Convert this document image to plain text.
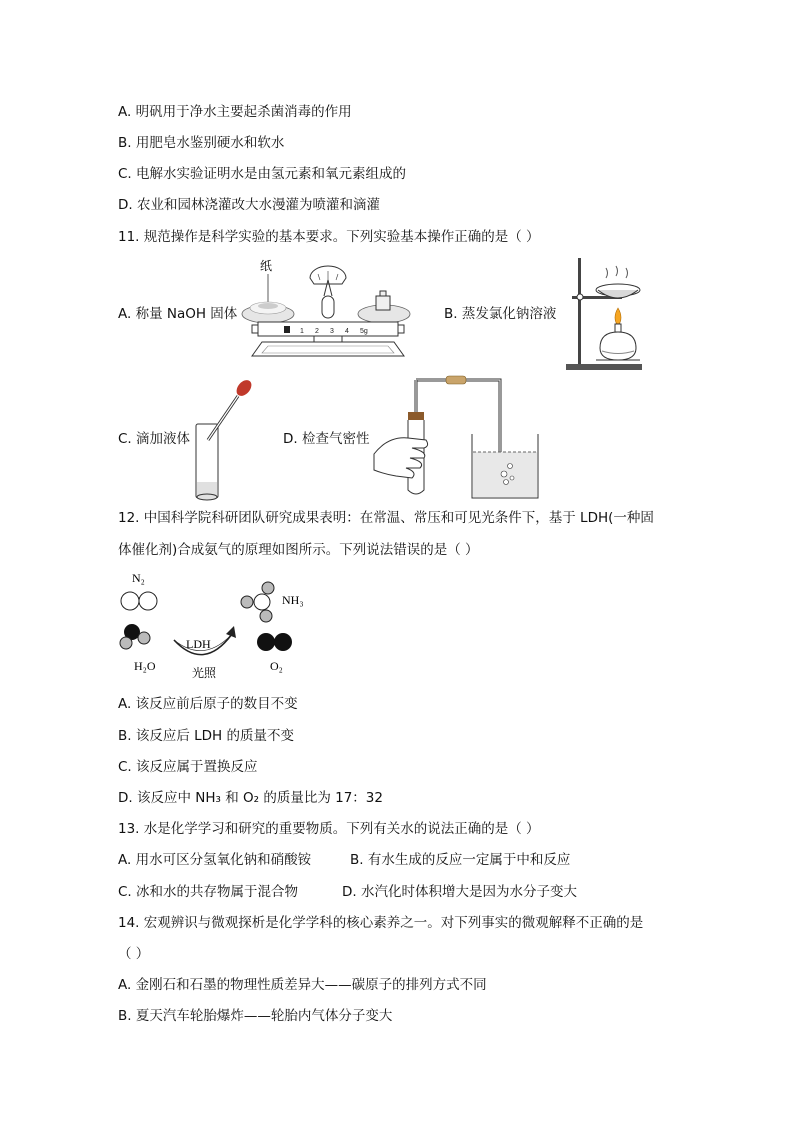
A. 明矾用于净水主要起杀菌消毒的作用
B. 用肥皂水鉴别硬水和软水
C. 电解水实验证明水是由氢元素和氧元素组成的
D. 农业和园林浇灌改大水漫灌为喷灌和滴灌
11. 规范操作是科学实验的基本要求。下列实验基本操作正确的是（ ）
A. 称量 NaOH 固体
纸
0 1 2 3 4 5g
B. 蒸发氯化钠溶液
C. 滴加液体	D. 检查气密性
12. 中国科学院科研团队研究成果表明：在常温、常压和可见光条件下，基于 LDH(一种固
体催化剂)合成氨气的原理如图所示。下列说法错误的是（ ）
N₂
H₂O
LDH
光照
NH₃
O₂
A. 该反应前后原子的数目不变
B. 该反应后 LDH 的质量不变
C. 该反应属于置换反应
D. 该反应中 NH₃ 和 O₂ 的质量比为 17：32
13. 水是化学学习和研究的重要物质。下列有关水的说法正确的是（ ）
A. 用水可区分氢氧化钠和硝酸铵	B. 有水生成的反应一定属于中和反应
C. 冰和水的共存物属于混合物	D. 水汽化时体积增大是因为水分子变大
14. 宏观辨识与微观探析是化学学科的核心素养之一。对下列事实的微观解释不正确的是
（ ）
A. 金刚石和石墨的物理性质差异大——碳原子的排列方式不同
B. 夏天汽车轮胎爆炸——轮胎内气体分子变大
